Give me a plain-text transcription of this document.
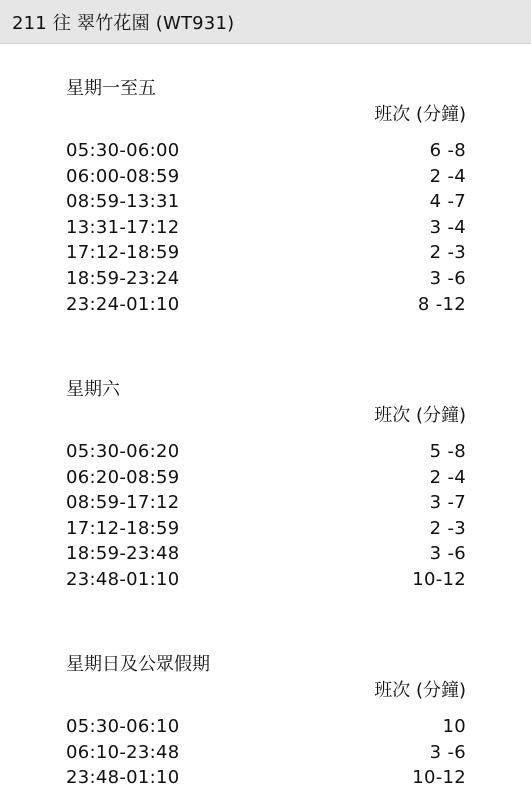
211 往 翠竹花園 (WT931)
星期一至五
班次 (分鐘)
05:30-06:00	6 -8
06:00-08:59	2 -4
08:59-13:31	4 -7
13:31-17:12	3 -4
17:12-18:59	2 -3
18:59-23:24	3 -6
23:24-01:10	8 -12
星期六
班次 (分鐘)
05:30-06:20	5 -8
06:20-08:59	2 -4
08:59-17:12	3 -7
17:12-18:59	2 -3
18:59-23:48	3 -6
23:48-01:10	10-12
星期日及公眾假期
班次 (分鐘)
05:30-06:10	10
06:10-23:48	3 -6
23:48-01:10	10-12
